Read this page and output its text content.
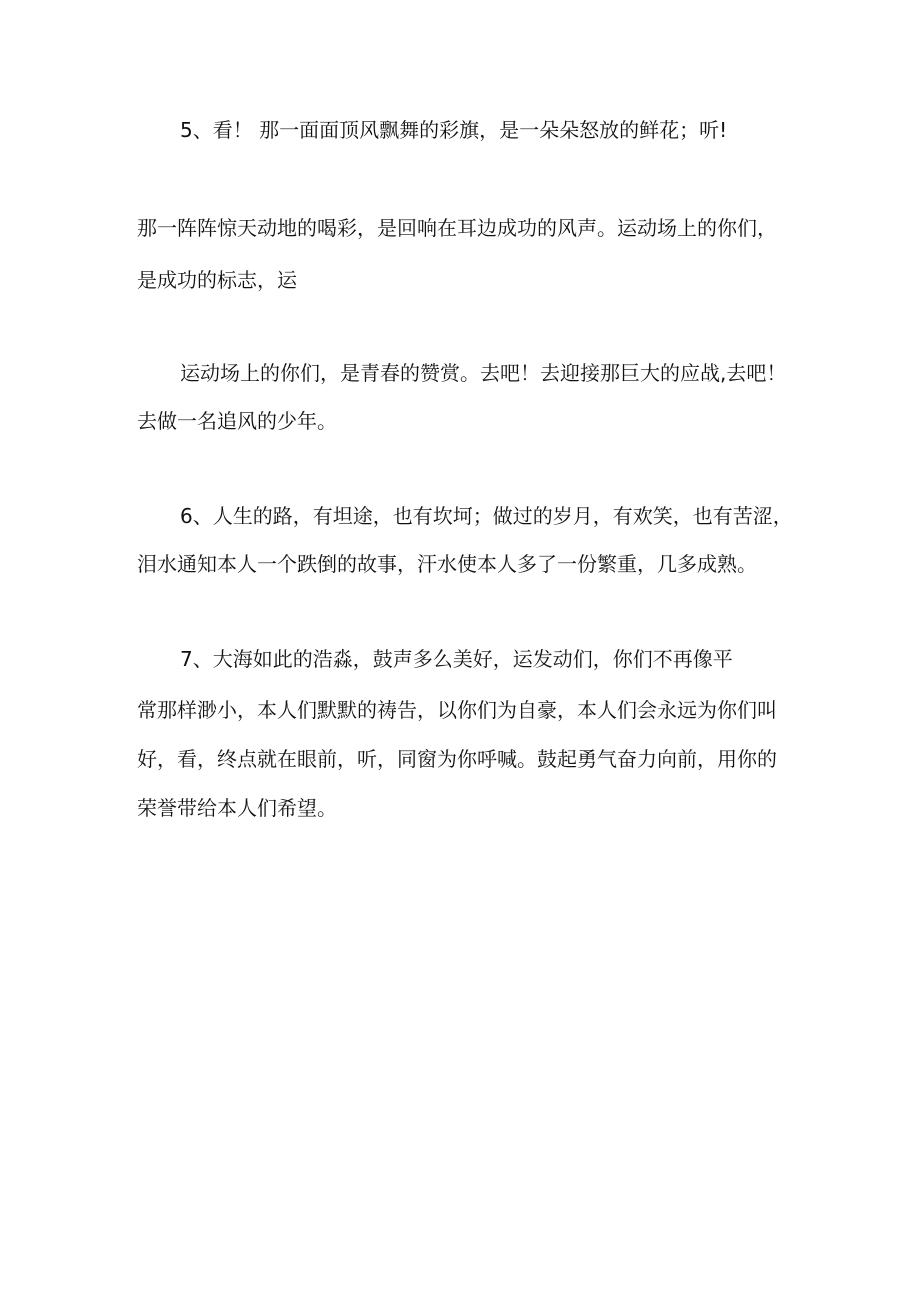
5、看！ 那一面面顶风飘舞的彩旗，是一朵朵怒放的鲜花；听!
那一阵阵惊天动地的喝彩，是回响在耳边成功的风声。运动场上的你们，
是成功的标志，运
运动场上的你们，是青春的赞赏。去吧！去迎接那巨大的应战,去吧！
去做一名追风的少年。
6、人生的路，有坦途，也有坎坷；做过的岁月，有欢笑，也有苦涩，
泪水通知本人一个跌倒的故事，汗水使本人多了一份繁重，几多成熟。
7、大海如此的浩淼，鼓声多么美好，运发动们，你们不再像平
常那样渺小，本人们默默的祷告，以你们为自豪，本人们会永远为你们叫
好，看，终点就在眼前，听，同窗为你呼喊。鼓起勇气奋力向前，用你的
荣誉带给本人们希望。
